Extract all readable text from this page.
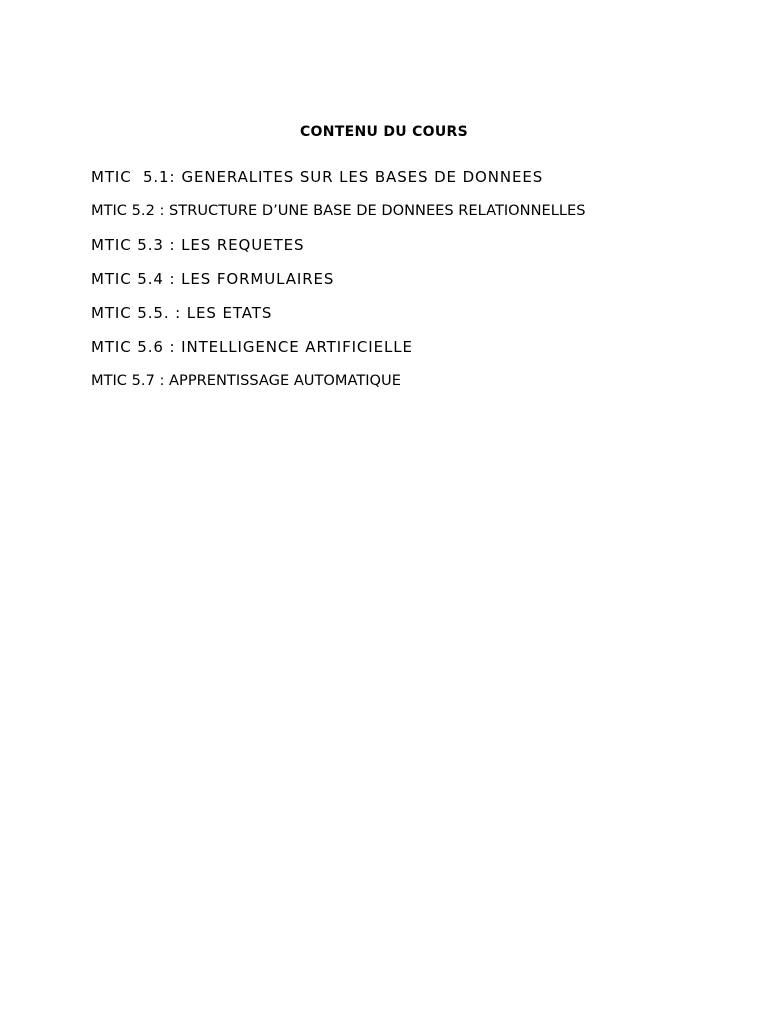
CONTENU DU COURS
MTIC  5.1: GENERALITES SUR LES BASES DE DONNEES
MTIC 5.2 : STRUCTURE D’UNE BASE DE DONNEES RELATIONNELLES
MTIC 5.3 : LES REQUETES
MTIC 5.4 : LES FORMULAIRES
MTIC 5.5. : LES ETATS
MTIC 5.6 : INTELLIGENCE ARTIFICIELLE
MTIC 5.7 : APPRENTISSAGE AUTOMATIQUE
